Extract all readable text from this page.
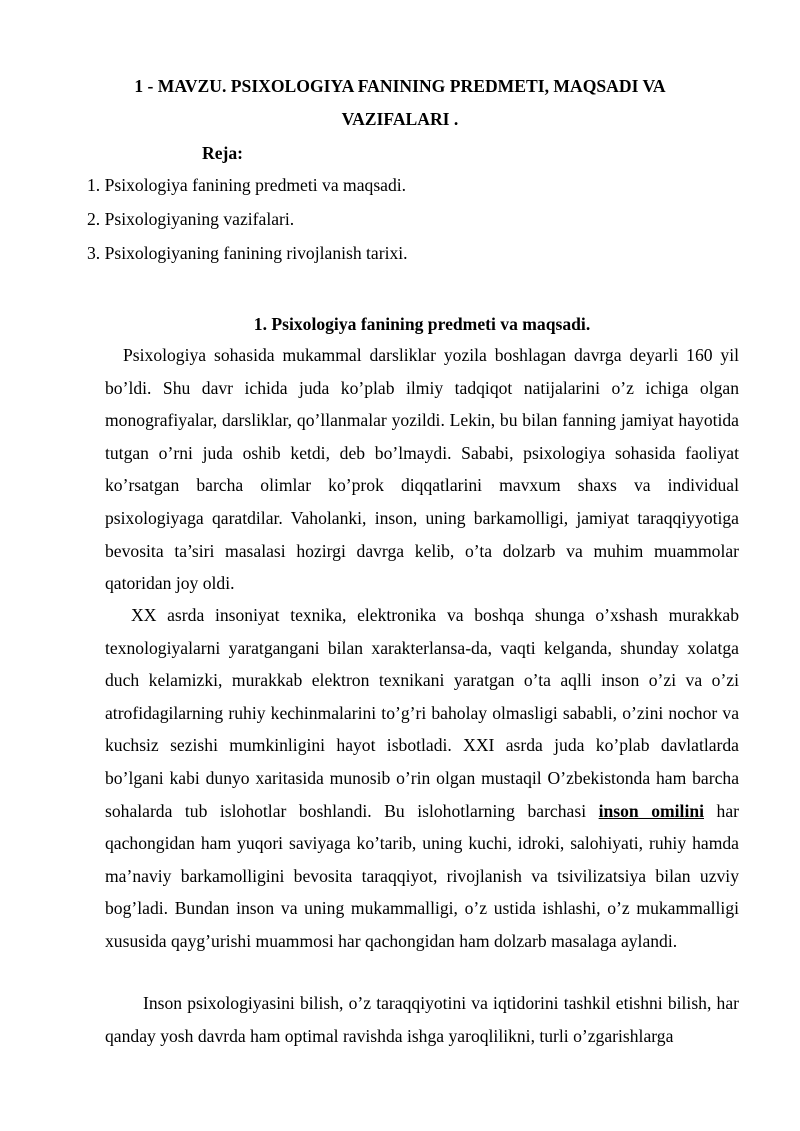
1 - MAVZU. PSIXOLOGIYA FANINING PREDMETI, MAQSADI VA
VAZIFALARI .
Reja:
1. Psixologiya fanining predmeti va maqsadi.
2. Psixologiyaning vazifalari.
3. Psixologiyaning fanining rivojlanish tarixi.
1. Psixologiya fanining predmeti va maqsadi.

Psixologiya sohasida mukammal darsliklar yozila boshlagan davrga deyarli 160 yil bo’ldi. Shu davr ichida juda ko’plab ilmiy tadqiqot natijalarini o’z ichiga olgan monografiyalar, darsliklar, qo’llanmalar yozildi. Lekin, bu bilan fanning jamiyat hayotida tutgan o’rni juda oshib ketdi, deb bo’lmaydi. Sababi, psixologiya sohasida faoliyat ko’rsatgan barcha olimlar ko’prok diqqatlarini mavxum shaxs va individual psixologiyaga qaratdilar. Vaholanki, inson, uning barkamolligi, jamiyat taraqqiyyotiga bevosita ta’siri masalasi hozirgi davrga kelib, o’ta dolzarb va muhim muammolar qatoridan joy oldi.

XX asrda insoniyat texnika, elektronika va boshqa shunga o’xshash murakkab texnologiyalarni yaratgangani bilan xarakterlansa-da, vaqti kelganda, shunday xolatga duch kelamizki, murakkab elektron texnikani yaratgan o’ta aqlli inson o’zi va o’zi atrofidagilarning ruhiy kechinmalarini to’g’ri baholay olmasligi sababli, o’zini nochor va kuchsiz sezishi mumkinligini hayot isbotladi. XXI asrda juda ko’plab davlatlarda bo’lgani kabi dunyo xaritasida munosib o’rin olgan mustaqil O’zbekistonda ham barcha sohalarda tub islohotlar boshlandi. Bu islohotlarning barchasi inson omilini har qachongidan ham yuqori saviyaga ko’tarib, uning kuchi, idroki, salohiyati, ruhiy hamda ma’naviy barkamolligini bevosita taraqqiyot, rivojlanish va tsivilizatsiya bilan uzviy bog’ladi. Bundan inson va uning mukammalligi, o’z ustida ishlashi, o’z mukammalligi xususida qayg’urishi muammosi har qachongidan ham dolzarb masalaga aylandi.

Inson psixologiyasini bilish, o’z taraqqiyotini va iqtidorini tashkil etishni bilish, har qanday yosh davrda ham optimal ravishda ishga yaroqlilikni, turli o’zgarishlarga
